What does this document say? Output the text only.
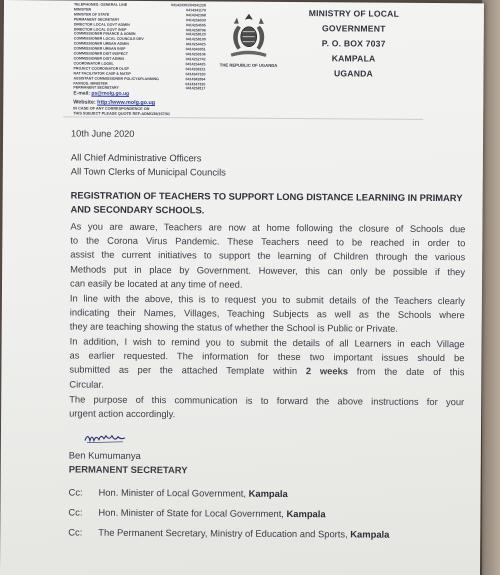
TELEPHONES: GENERAL LINE	0414233013/4341226
MINISTER	0414341179
MINISTER OF STATE	0414342368
PERMANENT SECRETARY	0414256533
DIRECTOR LOCAL GOVT ADMIN	0414254505
DIRECTOR LOCAL GOVT INSP	0414258796
COMMISSIONER FINANCE & ADMIN	0414258120
COMMISSIONER LOCAL COUNCILS DEV	0414258100
COMMISSIONER URBAN ADMIN	0414254425
COMMISSIONER URBAN INSP	0414343351
COMMISSIONER DIST INSPECT	0414250106
COMMISSIONER DIST ADMIN	0414252742
COORDINATOR LOGEL	0414254425
PROJECT COORDINATOR DLSP	0414258151
NAT FACILITATOR CAIIP & MATIP	0414347320
ASSISTANT COMMISSIONER POLICY&PLANNING	0414342894
FAXNOS: MINISTER	0414347320
PERMANENT SECRETARY	0414258117
E-mail: ps@molg.go.ug
Website: http://www.molg.go.ug
IN CASE OF ANY CORRESPONDENCE ON
THIS SUBJECT PLEASE QUOTE REF:ADM/139/157/01
THE REPUBLIC OF UGANDA
MINISTRY OF LOCAL GOVERNMENT
P. O. BOX 7037
KAMPALA
UGANDA
10th June 2020
All Chief Administrative Officers
All Town Clerks of Municipal Councils
REGISTRATION OF TEACHERS TO SUPPORT LONG DISTANCE LEARNING IN PRIMARY
AND SECONDARY SCHOOLS.
As you are aware, Teachers are now at home following the closure of Schools due
to the Corona Virus Pandemic. These Teachers need to be reached in order to
assist the current initiatives to support the learning of Children through the various
Methods put in place by Government. However, this can only be possible if they
can easily be located at any time of need.
In line with the above, this is to request you to submit details of the Teachers clearly
indicating their Names, Villages, Teaching Subjects as well as the Schools where
they are teaching showing the status of whether the School is Public or Private.
In addition, I wish to remind you to submit the details of all Learners in each Village
as earlier requested. The information for these two important issues should be
submitted as per the attached Template within 2 weeks from the date of this
Circular.
The purpose of this communication is to forward the above instructions for your
urgent action accordingly.
Ben Kumumanya
PERMANENT SECRETARY
Cc: Hon. Minister of Local Government, Kampala
Cc: Hon. Minister of State for Local Government, Kampala
Cc: The Permanent Secretary, Ministry of Education and Sports, Kampala
